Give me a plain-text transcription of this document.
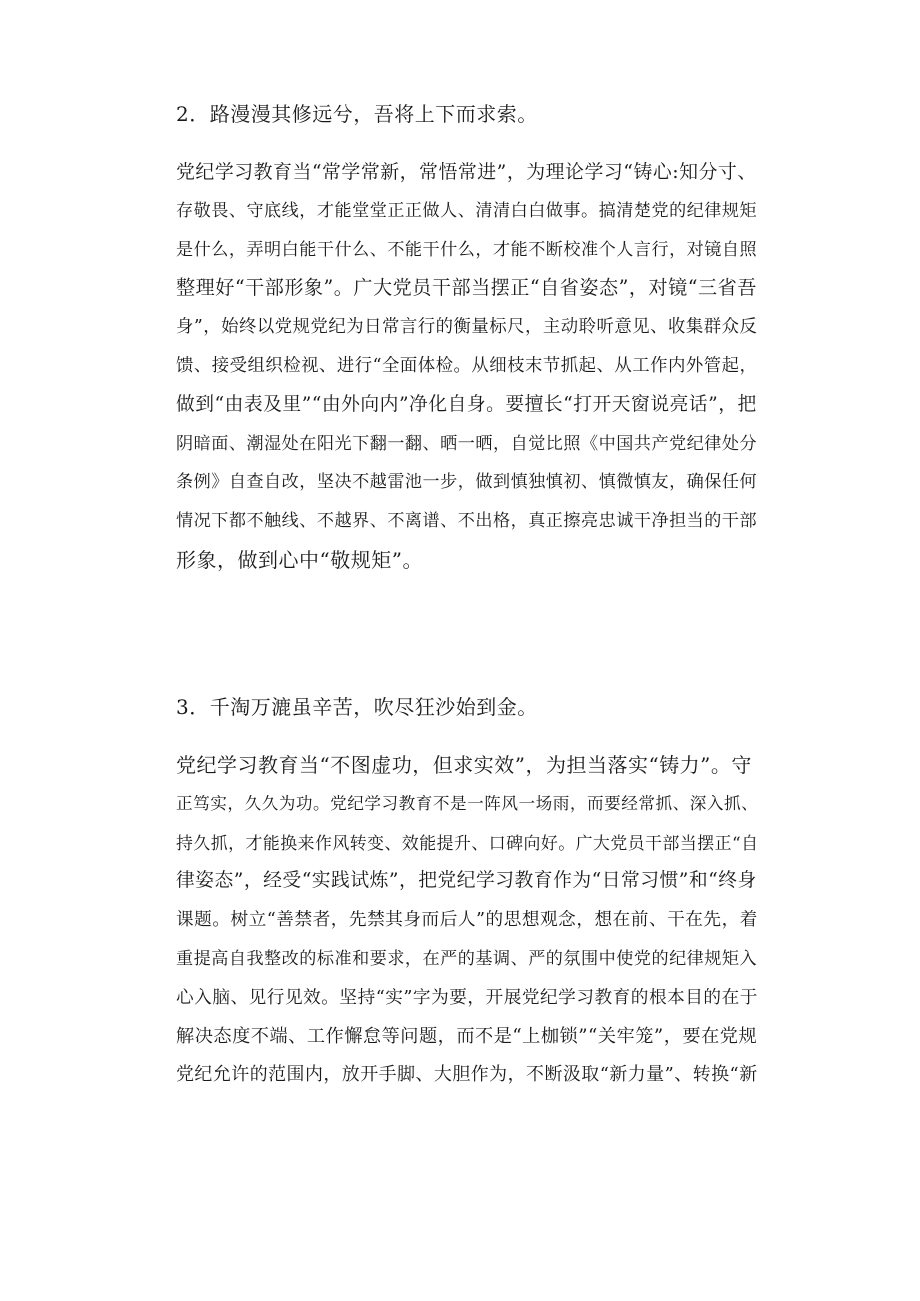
2．路漫漫其修远兮，吾将上下而求索。

党纪学习教育当“常学常新，常悟常进”，为理论学习“铸心:知分寸、
存敬畏、守底线，才能堂堂正正做人、清清白白做事。搞清楚党的纪律规矩
是什么，弄明白能干什么、不能干什么，才能不断校准个人言行，对镜自照
整理好“干部形象”。广大党员干部当摆正“自省姿态”，对镜“三省吾
身”，始终以党规党纪为日常言行的衡量标尺，主动聆听意见、收集群众反
馈、接受组织检视、进行“全面体检。从细枝末节抓起、从工作内外管起，
做到“由表及里”“由外向内”净化自身。要擅长“打开天窗说亮话”，把
阴暗面、潮湿处在阳光下翻一翻、晒一晒，自觉比照《中国共产党纪律处分
条例》自查自改，坚决不越雷池一步，做到慎独慎初、慎微慎友，确保任何
情况下都不触线、不越界、不离谱、不出格，真正擦亮忠诚干净担当的干部
形象，做到心中“敬规矩”。

3．千淘万漉虽辛苦，吹尽狂沙始到金。

党纪学习教育当“不图虚功，但求实效”，为担当落实“铸力”。守
正笃实，久久为功。党纪学习教育不是一阵风一场雨，而要经常抓、深入抓、
持久抓，才能换来作风转变、效能提升、口碑向好。广大党员干部当摆正“自
律姿态”，经受“实践试炼”，把党纪学习教育作为“日常习惯”和“终身
课题。树立“善禁者，先禁其身而后人”的思想观念，想在前、干在先，着
重提高自我整改的标准和要求，在严的基调、严的氛围中使党的纪律规矩入
心入脑、见行见效。坚持“实”字为要，开展党纪学习教育的根本目的在于
解决态度不端、工作懈怠等问题，而不是“上枷锁”“关牢笼”，要在党规
党纪允许的范围内，放开手脚、大胆作为，不断汲取“新力量”、转换“新
